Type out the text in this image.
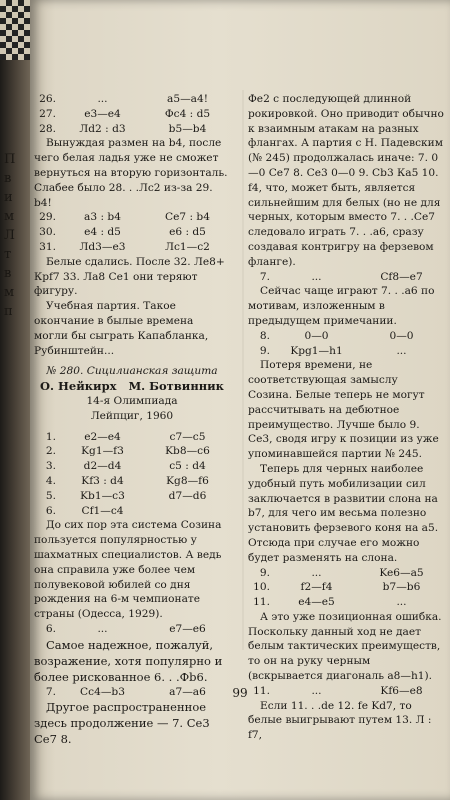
П
в
и
м
Л
т
в
м
п
26.	...	a5—a4!
27.	e3—e4	Фс4 : d5
28.	Лd2 : d3	b5—b4

Вынуждая размен на b4, после чего белая ладья уже не сможет вернуться на вторую горизонталь. Слабее было 28. . .Лс2 из-за 29. b4!

29.	a3 : b4	Се7 : b4
30.	e4 : d5	e6 : d5
31.	Лd3—e3	Лс1—с2

Белые сдались. После 32. Ле8+ Кpf7 33. Ла8 Се1 они теряют фигуру.

Учебная партия. Такое окончание в былые времена могли бы сыграть Капабланка, Рубинштейн...

№ 280. Сицилианская защита
О. Нейкирх М. Ботвинник
14-я Олимпиада
Лейпциг, 1960
1.	e2—e4	c7—c5
2.	Kg1—f3	Kb8—c6
3.	d2—d4	c5 : d4
4.	Kf3 : d4	Kg8—f6
5.	Kb1—c3	d7—d6
6.	Cf1—c4

До сих пор эта система Созина пользуется популярностью у шахматных специалистов. А ведь она справила уже более чем полувековой юбилей со дня рождения на 6-м чемпионате страны (Одесса, 1929).

6.	...	e7—e6

Самое надежное, пожалуй, возражение, хотя популярно и более рискованное 6. . .Фb6.

7.	Cc4—b3	a7—a6

Другое распространенное здесь продолжение — 7. Се3 Се7 8.

Фе2 с последующей длинной рокировкой. Оно приводит обычно к взаимным атакам на разных флангах. А партия с Н. Падевским (№ 245) продолжалась иначе: 7. 0—0 Се7 8. Се3 0—0 9. Cb3 Ка5 10. f4, что, может быть, является сильнейшим для белых (но не для черных, которым вместо 7. . .Се7 следовало играть 7. . .а6, сразу создавая контригру на ферзевом фланге).

7.	...	Cf8—e7

Сейчас чаще играют 7. . .а6 по мотивам, изложенным в предыдущем примечании.

8.	0—0	0—0
9.	Kpg1—h1	...

Потеря времени, не соответствующая замыслу Созина. Белые теперь не могут рассчитывать на дебютное преимущество. Лучше было 9. Се3, сводя игру к позиции из уже упоминавшейся партии № 245.

Теперь для черных наиболее удобный путь мобилизации сил заключается в развитии слона на b7, для чего им весьма полезно установить ферзевого коня на а5. Отсюда при случае его можно будет разменять на слона.

9.	...	Ke6—a5
10.	f2—f4	b7—b6
11.	e4—e5	...

А это уже позиционная ошибка. Поскольку данный ход не дает белым тактических преимуществ, то он на руку черным (вскрывается диагональ a8—h1).

11.	...	Kf6—e8

Если 11. . .de 12. fe Kd7, то белые выигрывают путем 13. Л : f7,

99
